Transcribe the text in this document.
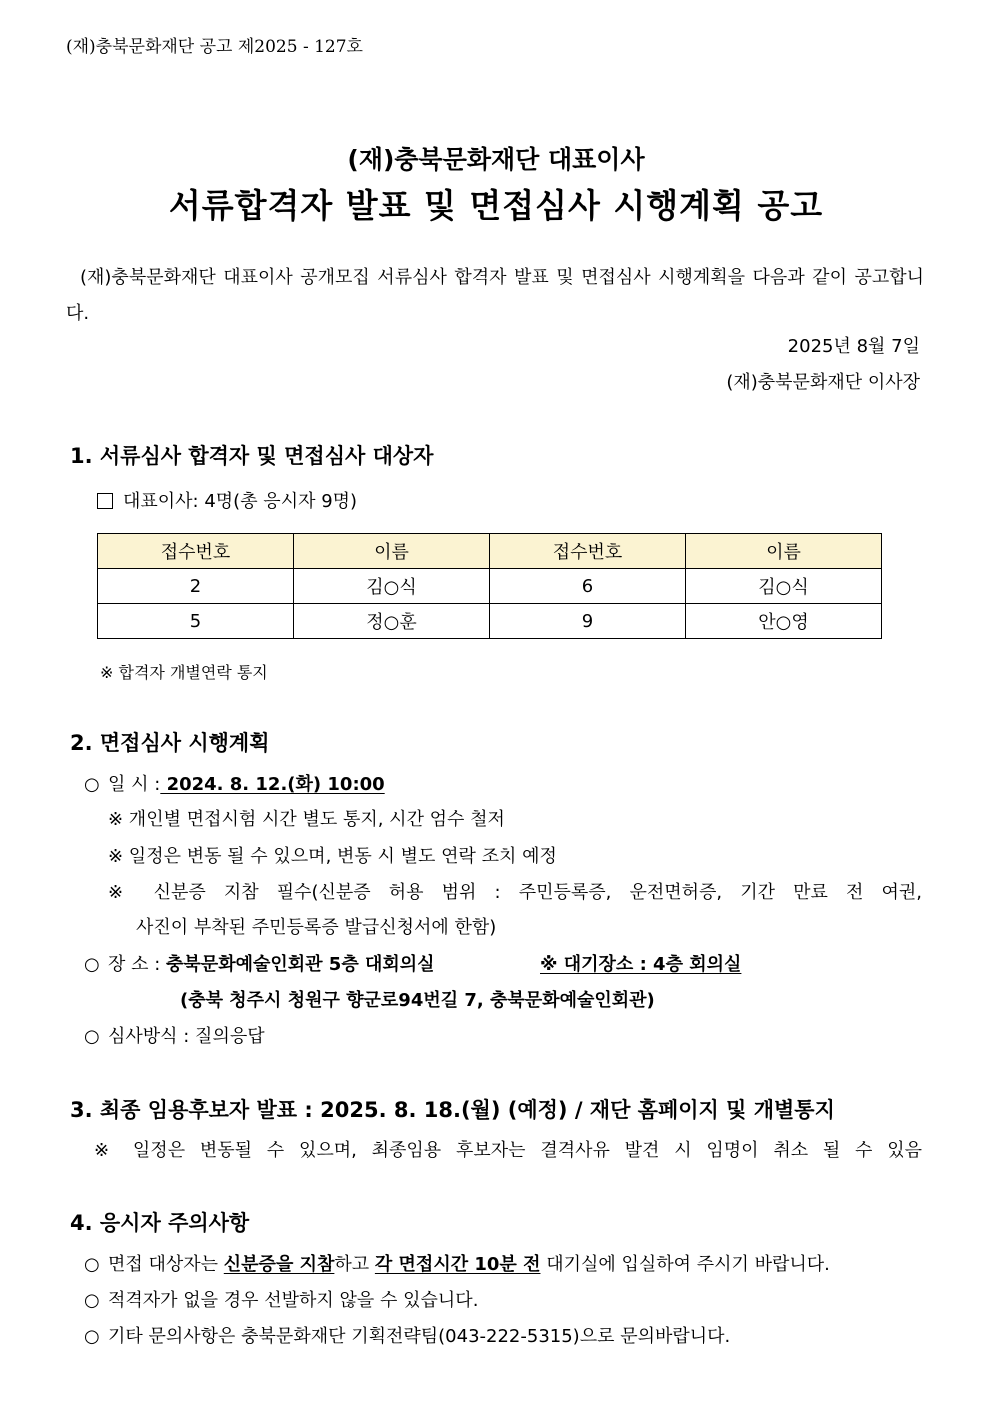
(재)충북문화재단 공고 제2025 - 127호
(재)충북문화재단 대표이사
서류합격자 발표 및 면접심사 시행계획 공고
(재)충북문화재단 대표이사 공개모집 서류심사 합격자 발표 및 면접심사 시행계획을 다음과 같이 공고합니다.
2025년 8월 7일
(재)충북문화재단 이사장
1. 서류심사 합격자 및 면접심사 대상자
대표이사: 4명(총 응시자 9명)
접수번호	이름	접수번호	이름
2	김○식	6	김○식
5	정○훈	9	안○영
※ 합격자 개별연락 통지
2. 면접심사 시행계획
○ 일 시 : 2024. 8. 12.(화) 10:00
※ 개인별 면접시험 시간 별도 통지, 시간 엄수 철저
※ 일정은 변동 될 수 있으며, 변동 시 별도 연락 조치 예정
※ 신분증 지참 필수(신분증 허용 범위 : 주민등록증, 운전면허증, 기간 만료 전 여권,
사진이 부착된 주민등록증 발급신청서에 한함)
○ 장 소 : 충북문화예술인회관 5층 대회의실	※ 대기장소 : 4층 회의실
(충북 청주시 청원구 향군로94번길 7, 충북문화예술인회관)
○ 심사방식 : 질의응답
3. 최종 임용후보자 발표 : 2025. 8. 18.(월) (예정) / 재단 홈페이지 및 개별통지
※ 일정은 변동될 수 있으며, 최종임용 후보자는 결격사유 발견 시 임명이 취소 될 수 있음
4. 응시자 주의사항
○ 면접 대상자는 신분증을 지참하고 각 면접시간 10분 전 대기실에 입실하여 주시기 바랍니다.
○ 적격자가 없을 경우 선발하지 않을 수 있습니다.
○ 기타 문의사항은 충북문화재단 기획전략팀(043-222-5315)으로 문의바랍니다.
